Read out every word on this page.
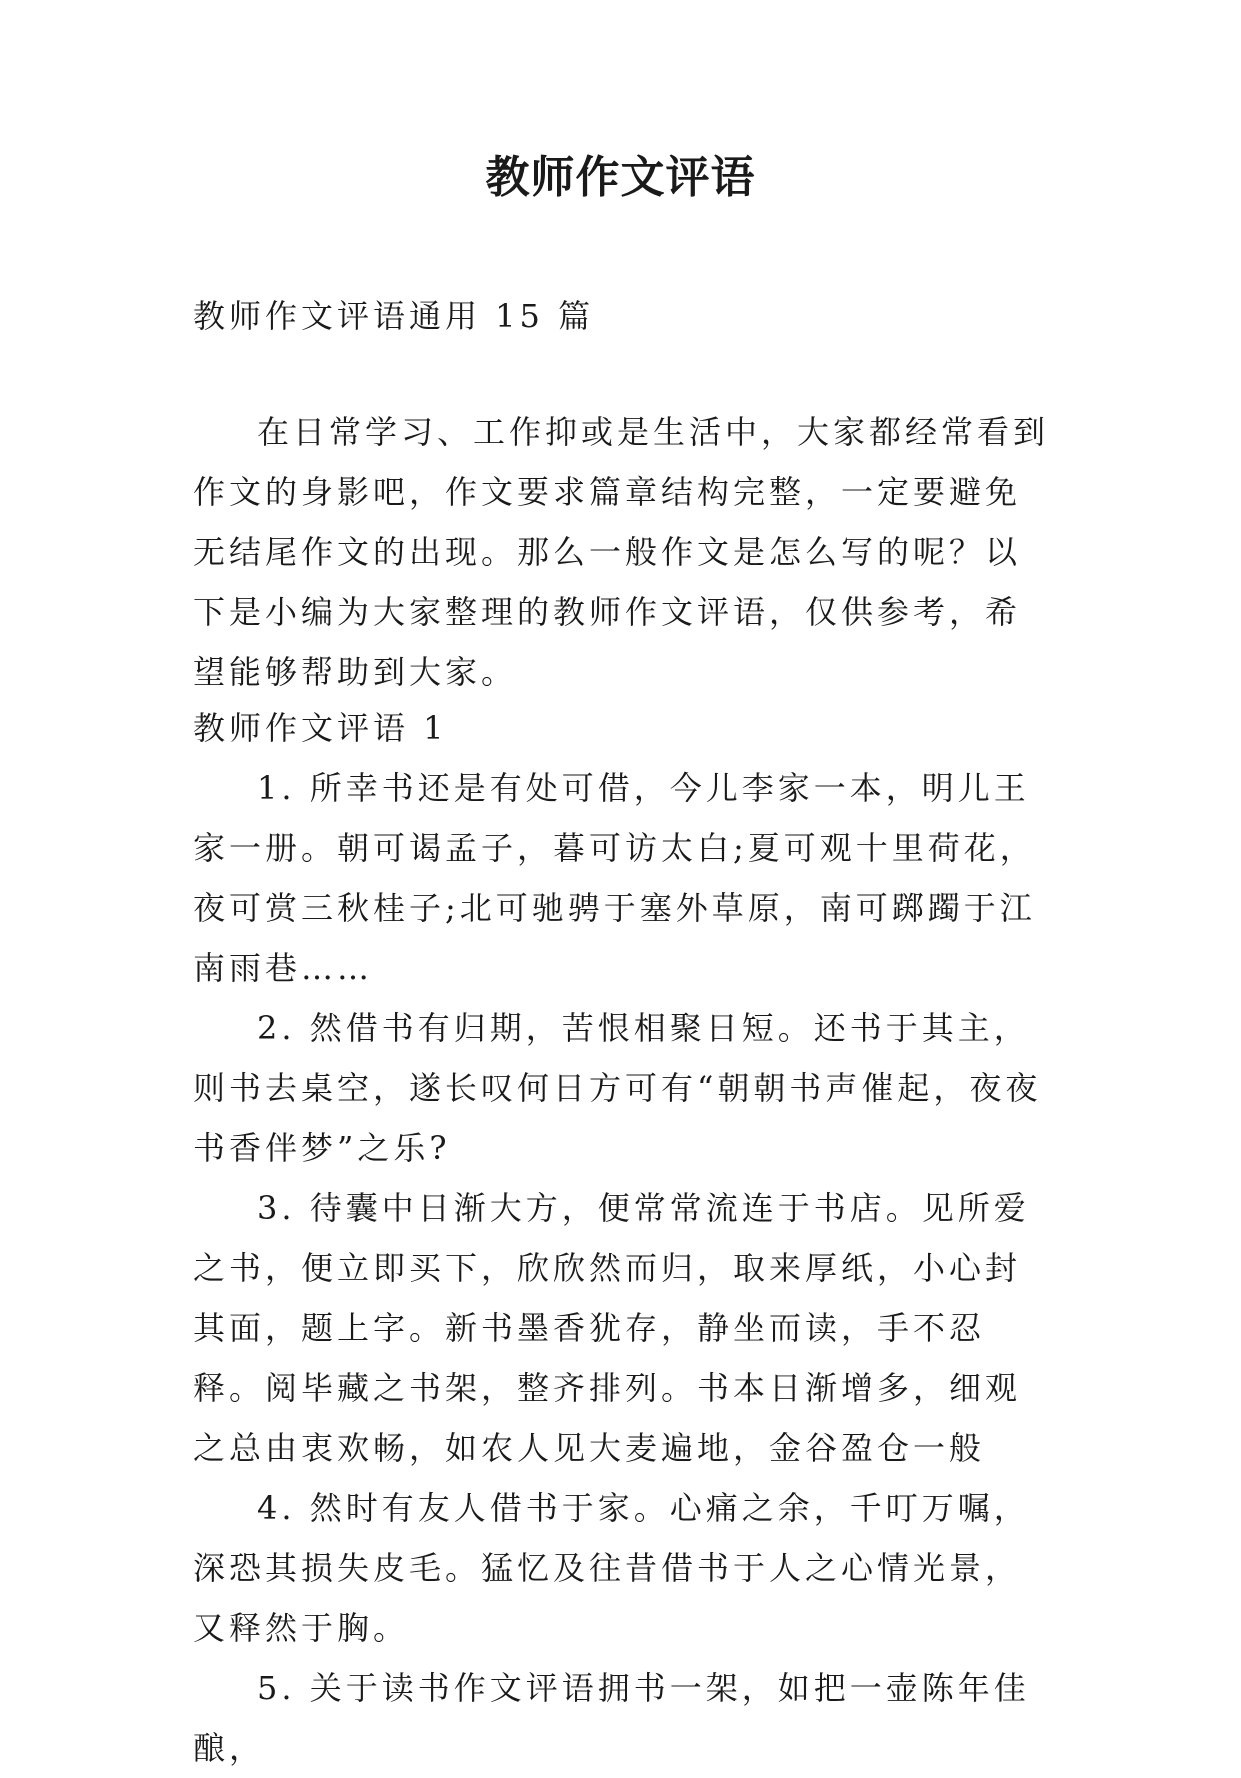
教师作文评语
教师作文评语通用 15 篇
在日常学习、工作抑或是生活中，大家都经常看到作文的身影吧，作文要求篇章结构完整，一定要避免无结尾作文的出现。那么一般作文是怎么写的呢？以下是小编为大家整理的教师作文评语，仅供参考，希望能够帮助到大家。
教师作文评语 1

1. 所幸书还是有处可借，今儿李家一本，明儿王家一册。朝可谒孟子，暮可访太白;夏可观十里荷花，夜可赏三秋桂子;北可驰骋于塞外草原，南可踯躅于江南雨巷……

2. 然借书有归期，苦恨相聚日短。还书于其主，则书去桌空，遂长叹何日方可有“朝朝书声催起，夜夜书香伴梦”之乐?

3. 待囊中日渐大方，便常常流连于书店。见所爱之书，便立即买下，欣欣然而归，取来厚纸，小心封其面，题上字。新书墨香犹存，静坐而读，手不忍释。阅毕藏之书架，整齐排列。书本日渐增多，细观之总由衷欢畅，如农人见大麦遍地，金谷盈仓一般

4. 然时有友人借书于家。心痛之余，千叮万嘱，深恐其损失皮毛。猛忆及往昔借书于人之心情光景，又释然于胸。

5. 关于读书作文评语拥书一架，如把一壶陈年佳酿，
